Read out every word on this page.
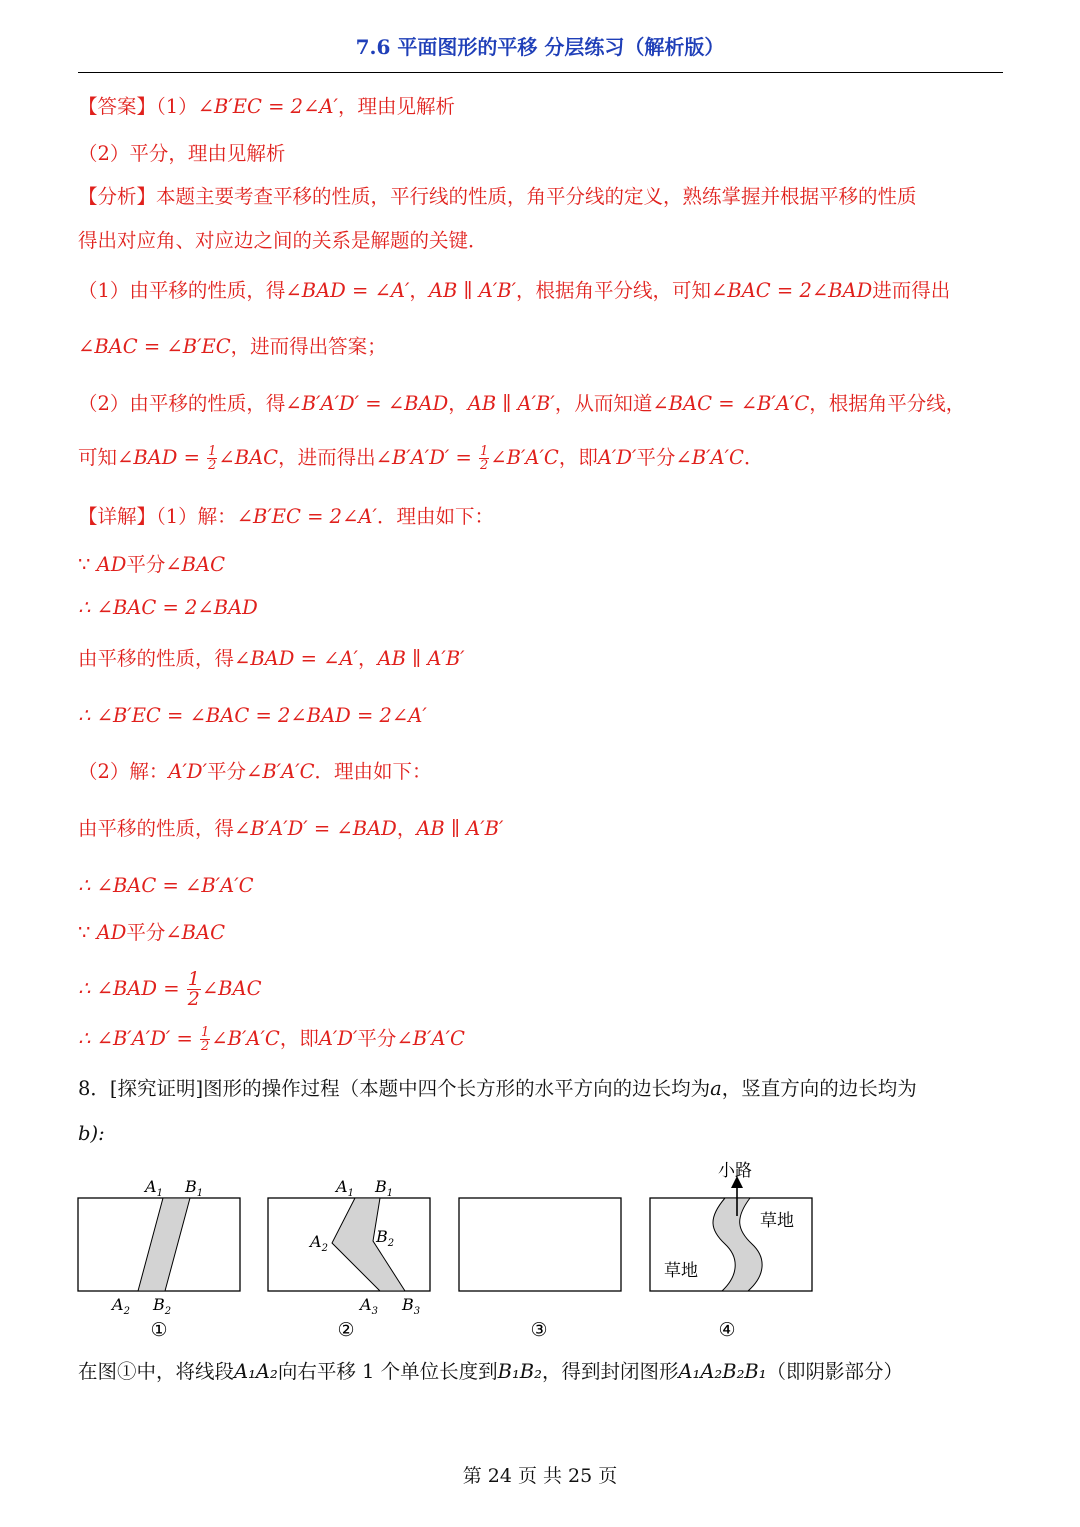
7.6 平面图形的平移 分层练习（解析版）
【答案】（1）∠B′EC = 2∠A′，理由见解析
（2）平分，理由见解析
【分析】本题主要考查平移的性质，平行线的性质，角平分线的定义，熟练掌握并根据平移的性质
得出对应角、对应边之间的关系是解题的关键．
（1）由平移的性质，得∠BAD = ∠A′，AB ∥ A′B′，根据角平分线，可知∠BAC = 2∠BAD进而得出
∠BAC = ∠B′EC，进而得出答案；
（2）由平移的性质，得∠B′A′D′ = ∠BAD，AB ∥ A′B′，从而知道∠BAC = ∠B′A′C，根据角平分线，
可知∠BAD = $\frac{1}{2}$ ∠BAC，进而得出∠B′A′D′ = $\frac{1}{2}$ ∠B′A′C，即A′D′平分∠B′A′C．
【详解】（1）解：∠B′EC = 2∠A′．理由如下：
∵ AD平分∠BAC
∴ ∠BAC = 2∠BAD
由平移的性质，得∠BAD = ∠A′，AB ∥ A′B′
∴ ∠B′EC = ∠BAC = 2∠BAD = 2∠A′
（2）解：A′D′平分∠B′A′C．理由如下：
由平移的性质，得∠B′A′D′ = ∠BAD，AB ∥ A′B′
∴ ∠BAC = ∠B′A′C
∵ AD平分∠BAC
∴ ∠BAD = $\frac{1}{2}$ ∠BAC
∴ ∠B′A′D′ = $\frac{1}{2}$ ∠B′A′C，即A′D′平分∠B′A′C
8．[探究证明]图形的操作过程（本题中四个长方形的水平方向的边长均为a，竖直方向的边长均为
b):
$A_1$ $B_1$
$A_2$ $B_2$
①
$A_1$ $B_1$
$A_2$
$B_2$
$A_3$ $B_3$
②	③
小路
草地
草地
④
在图①中，将线段A₁A₂向右平移 1 个单位长度到B₁B₂，得到封闭图形A₁A₂B₂B₁（即阴影部分）
第 24 页 共 25 页
